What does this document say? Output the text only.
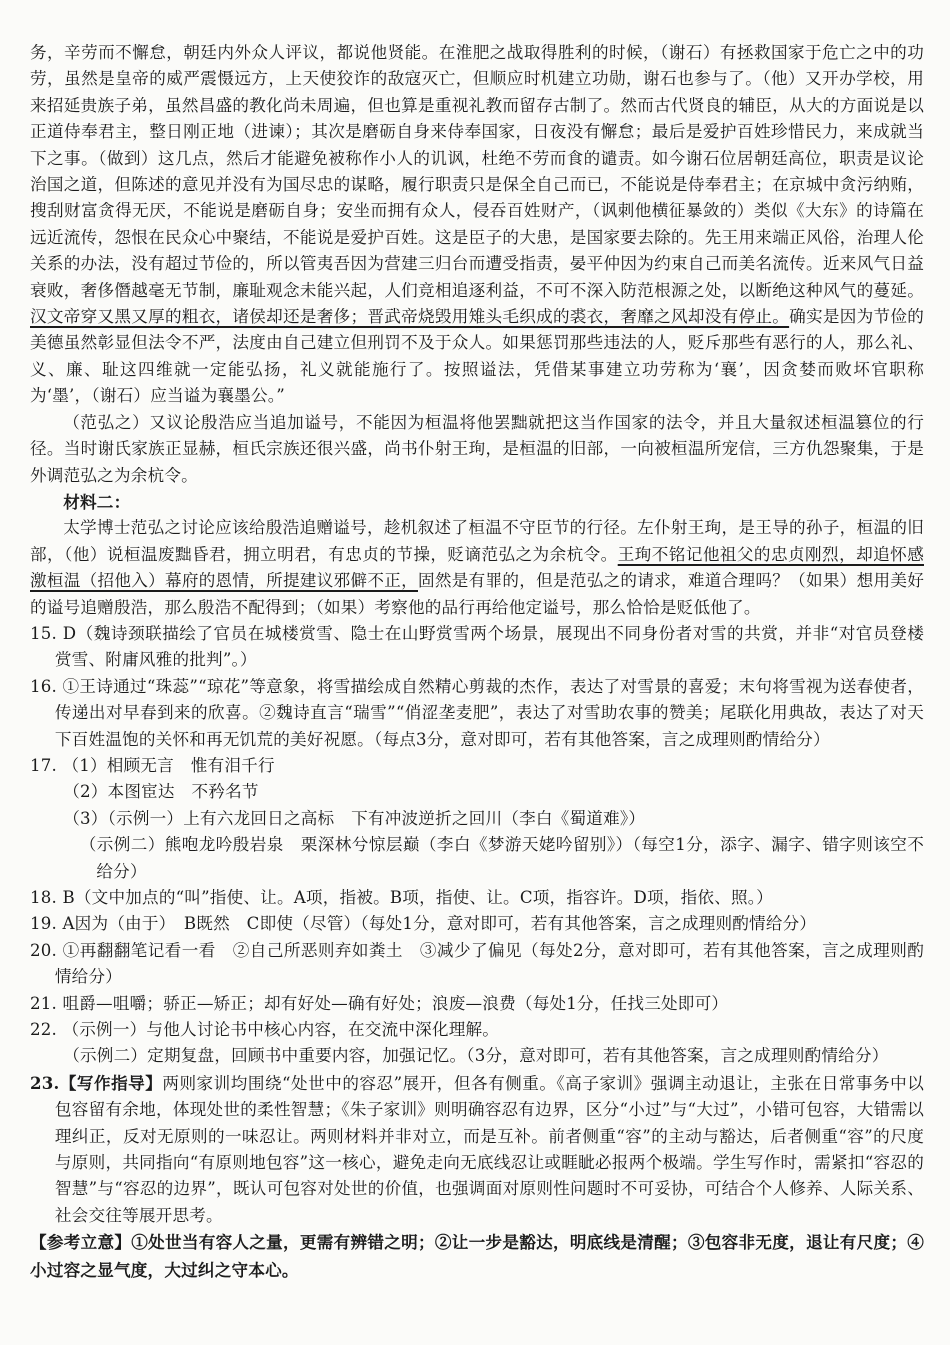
务，辛劳而不懈怠，朝廷内外众人评议，都说他贤能。在淮肥之战取得胜利的时候，（谢石）有拯救国家于危亡之中的功劳，虽然是皇帝的威严震慑远方，上天使狡诈的敌寇灭亡，但顺应时机建立功勋，谢石也参与了。（他）又开办学校，用来招延贵族子弟，虽然昌盛的教化尚未周遍，但也算是重视礼教而留存古制了。然而古代贤良的辅臣，从大的方面说是以正道侍奉君主，整日刚正地（进谏）；其次是磨砺自身来侍奉国家，日夜没有懈怠；最后是爱护百姓珍惜民力，来成就当下之事。（做到）这几点，然后才能避免被称作小人的讥讽，杜绝不劳而食的谴责。如今谢石位居朝廷高位，职责是议论治国之道，但陈述的意见并没有为国尽忠的谋略，履行职责只是保全自己而已，不能说是侍奉君主；在京城中贪污纳贿，搜刮财富贪得无厌，不能说是磨砺自身；安坐而拥有众人，侵吞百姓财产，（讽刺他横征暴敛的）类似《大东》的诗篇在远近流传，怨恨在民众心中聚结，不能说是爱护百姓。这是臣子的大患，是国家要去除的。先王用来端正风俗，治理人伦关系的办法，没有超过节俭的，所以管夷吾因为营建三归台而遭受指责，晏平仲因为约束自己而美名流传。近来风气日益衰败，奢侈僭越毫无节制，廉耻观念未能兴起，人们竞相追逐利益，不可不深入防范根源之处，以断绝这种风气的蔓延。汉文帝穿又黑又厚的粗衣，诸侯却还是奢侈；晋武帝烧毁用雉头毛织成的裘衣，奢靡之风却没有停止。确实是因为节俭的美德虽然彰显但法令不严，法度由自己建立但刑罚不及于众人。如果惩罚那些违法的人，贬斥那些有恶行的人，那么礼、义、廉、耻这四维就一定能弘扬，礼义就能施行了。按照谥法，凭借某事建立功劳称为‘襄’，因贪婪而败坏官职称为‘墨’，（谢石）应当谥为襄墨公。”

（范弘之）又议论殷浩应当追加谥号，不能因为桓温将他罢黜就把这当作国家的法令，并且大量叙述桓温篡位的行径。当时谢氏家族正显赫，桓氏宗族还很兴盛，尚书仆射王珣，是桓温的旧部，一向被桓温所宠信，三方仇怨聚集，于是外调范弘之为余杭令。

材料二：

太学博士范弘之讨论应该给殷浩追赠谥号，趁机叙述了桓温不守臣节的行径。左仆射王珣，是王导的孙子，桓温的旧部，（他）说桓温废黜昏君，拥立明君，有忠贞的节操，贬谪范弘之为余杭令。王珣不铭记他祖父的忠贞刚烈，却追怀感激桓温（招他入）幕府的恩情，所提建议邪僻不正，固然是有罪的，但是范弘之的请求，难道合理吗？（如果）想用美好的谥号追赠殷浩，那么殷浩不配得到；（如果）考察他的品行再给他定谥号，那么恰恰是贬低他了。

15. D（魏诗颈联描绘了官员在城楼赏雪、隐士在山野赏雪两个场景，展现出不同身份者对雪的共赏，并非“对官员登楼赏雪、附庸风雅的批判”。）

16. ①王诗通过“珠蕊”“琼花”等意象，将雪描绘成自然精心剪裁的杰作，表达了对雪景的喜爱；末句将雪视为送春使者，传递出对早春到来的欣喜。②魏诗直言“瑞雪”“俏涩垄麦肥”，表达了对雪助农事的赞美；尾联化用典故，表达了对天下百姓温饱的关怀和再无饥荒的美好祝愿。（每点3分，意对即可，若有其他答案，言之成理则酌情给分）

17. （1）相顾无言　惟有泪千行

（2）本图宦达　不矜名节

（3）（示例一）上有六龙回日之高标　下有冲波逆折之回川（李白《蜀道难》）

（示例二）熊咆龙吟殷岩泉　栗深林兮惊层巅（李白《梦游天姥吟留别》）（每空1分，添字、漏字、错字则该空不给分）

18. B（文中加点的“叫”指使、让。A项，指被。B项，指使、让。C项，指容许。D项，指依、照。）

19. A因为（由于）　B既然　C即使（尽管）（每处1分，意对即可，若有其他答案，言之成理则酌情给分）

20. ①再翻翻笔记看一看　②自己所恶则弃如粪土　③减少了偏见（每处2分，意对即可，若有其他答案，言之成理则酌情给分）

21. 咀爵—咀嚼；骄正—矫正；却有好处—确有好处；浪废—浪费（每处1分，任找三处即可）

22. （示例一）与他人讨论书中核心内容，在交流中深化理解。

（示例二）定期复盘，回顾书中重要内容，加强记忆。（3分，意对即可，若有其他答案，言之成理则酌情给分）

23.【写作指导】两则家训均围绕“处世中的容忍”展开，但各有侧重。《高子家训》强调主动退让，主张在日常事务中以包容留有余地，体现处世的柔性智慧；《朱子家训》则明确容忍有边界，区分“小过”与“大过”，小错可包容，大错需以理纠正，反对无原则的一味忍让。两则材料并非对立，而是互补。前者侧重“容”的主动与豁达，后者侧重“容”的尺度与原则，共同指向“有原则地包容”这一核心，避免走向无底线忍让或睚眦必报两个极端。学生写作时，需紧扣“容忍的智慧”与“容忍的边界”，既认可包容对处世的价值，也强调面对原则性问题时不可妥协，可结合个人修养、人际关系、社会交往等展开思考。

【参考立意】①处世当有容人之量，更需有辨错之明；②让一步是豁达，明底线是清醒；③包容非无度，退让有尺度；④小过容之显气度，大过纠之守本心。
